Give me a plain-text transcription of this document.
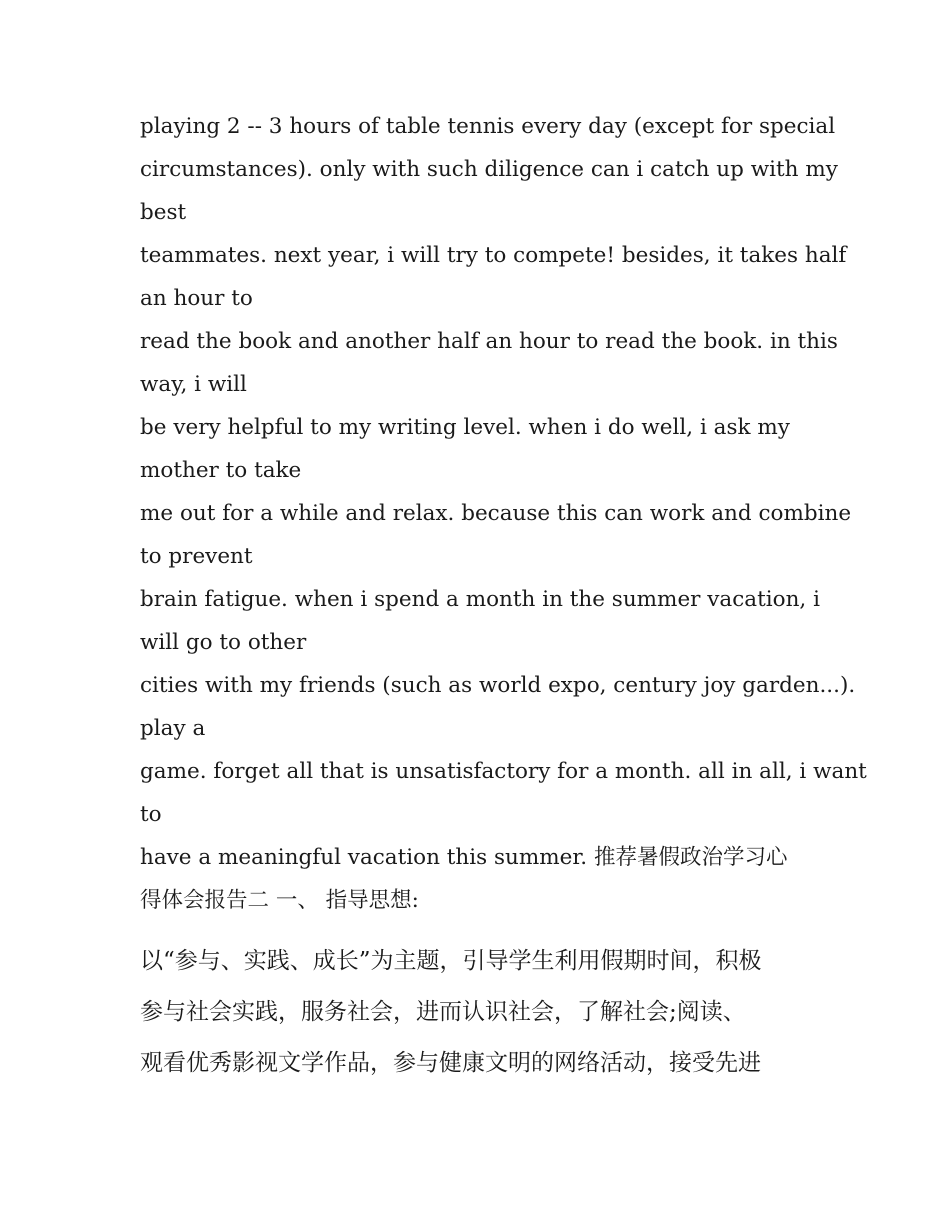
playing 2 -- 3 hours of table tennis every day (except for special
circumstances). only with such diligence can i catch up with my
best
teammates. next year, i will try to compete! besides, it takes half
an hour to
read the book and another half an hour to read the book. in this
way, i will
be very helpful to my writing level. when i do well, i ask my
mother to take
me out for a while and relax. because this can work and combine
to prevent
brain fatigue. when i spend a month in the summer vacation, i
will go to other
cities with my friends (such as world expo, century joy garden...).
play a
game. forget all that is unsatisfactory for a month. all in all, i want
to
have a meaningful vacation this summer. 推荐暑假政治学习心
得体会报告二 一、 指导思想:
以“参与、实践、成长”为主题，引导学生利用假期时间，积极
参与社会实践，服务社会，进而认识社会，了解社会;阅读、
观看优秀影视文学作品，参与健康文明的网络活动，接受先进
